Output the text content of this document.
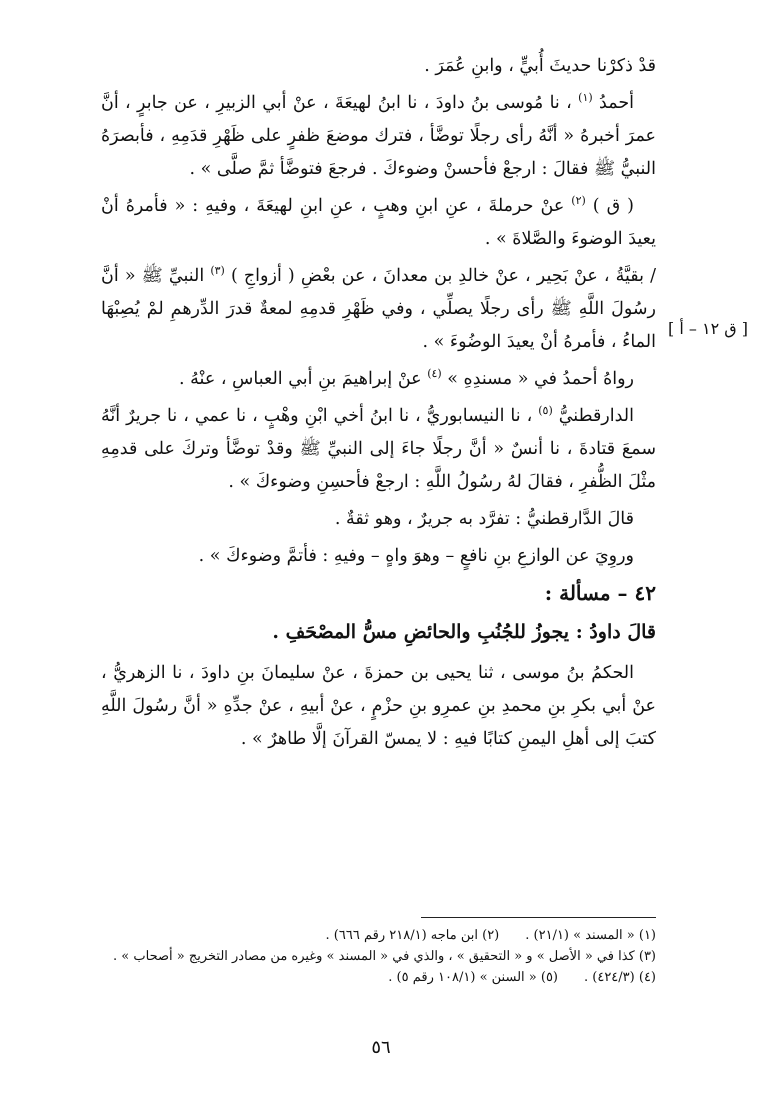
قدْ ذكرْنا حديثَ أُبيٍّ ، وابنِ عُمَرَ .

أحمدُ $^{(١)}$ ، نا مُوسى بنُ داودَ ، نا ابنُ لهيعَةَ ، عنْ أبي الزبيرِ ، عن جابرٍ ، أنَّ عمرَ أخبرهُ « أنَّهُ رأى رجلًا توضَّأ ، فترك موضعَ ظفرٍ على ظَهْرِ قدَمِهِ ، فأبصرَهُ النبيُّ ﷺ فقالَ : ارجعْ فأحسنْ وضوءكَ . فرجعَ فتوضَّأ ثمَّ صلَّى » .

( ق ) $^{(٢)}$ عنْ حرملةَ ، عنِ ابنِ وهبٍ ، عنِ ابنِ لهيعَةَ ، وفيهِ : « فأمرهُ أنْ يعيدَ الوضوءَ والصَّلاةَ » .

/ بقيَّةُ ، عنْ بَحِير ، عنْ خالدِ بن معدانَ ، عن بعْضِ ( أزواجِ ) $^{(٣)}$ النبيِّ ﷺ « أنَّ رسُولَ اللَّهِ ﷺ رأى رجلًا يصلِّي ، وفي ظَهْرِ قدمِهِ لمعةٌ قدرَ الدِّرهمِ لمْ يُصِبْهَا الماءُ ، فأمرهُ أنْ يعيدَ الوضُوءَ » .

رواهُ أحمدُ في « مسندِهِ » $^{(٤)}$ عنْ إبراهيمَ بنِ أبي العباسِ ، عنْهُ .

الدارقطنيُّ $^{(٥)}$ ، نا النيسابوريُّ ، نا ابنُ أخي ابْنِ وهْبٍ ، نا عمي ، نا جريرٌ أنَّهُ سمعَ قتادةَ ، نا أنسٌ « أنَّ رجلًا جاءَ إلى النبيِّ ﷺ وقدْ توضَّأ وتركَ على قدمِهِ مثْلَ الظُّفرِ ، فقالَ لهُ رسُولُ اللَّهِ : ارجعْ فأحسِنِ وضوءكَ » .

قالَ الدَّارقطنيُّ : تفرَّد به جريرٌ ، وهو ثقةٌ .

وروِيَ عن الوازعِ بنِ نافعٍ – وهوَ واهٍ – وفيهِ : فأتمَّ وضوءكَ » .

٤٢ – مسألة :

قالَ داودُ : يجوزُ للجُنُبِ والحائضِ مسُّ المصْحَفِ .

الحكمُ بنُ موسى ، ثنا يحيى بن حمزةَ ، عنْ سليمانَ بنِ داودَ ، نا الزهريُّ ، عنْ أبي بكرِ بنِ محمدِ بنِ عمرِو بنِ حزْمٍ ، عنْ أبيهِ ، عنْ جدِّهِ « أنَّ رسُولَ اللَّهِ كتبَ إلى أهلِ اليمنِ كتابًا فيهِ : لا يمسّ القرآنَ إلَّا طاهرٌ » .

[ ق ١٢ – أ ]
(١) « المسند » (٢١/١) .
(٢) ابن ماجه (٢١٨/١ رقم ٦٦٦) .
(٣) كذا في « الأصل » و « التحقيق » ، والذي في « المسند » وغيره من مصادر التخريج « أصحاب » .
(٤) (٤٢٤/٣) .
(٥) « السنن » (١٠٨/١ رقم ٥) .
٥٦
